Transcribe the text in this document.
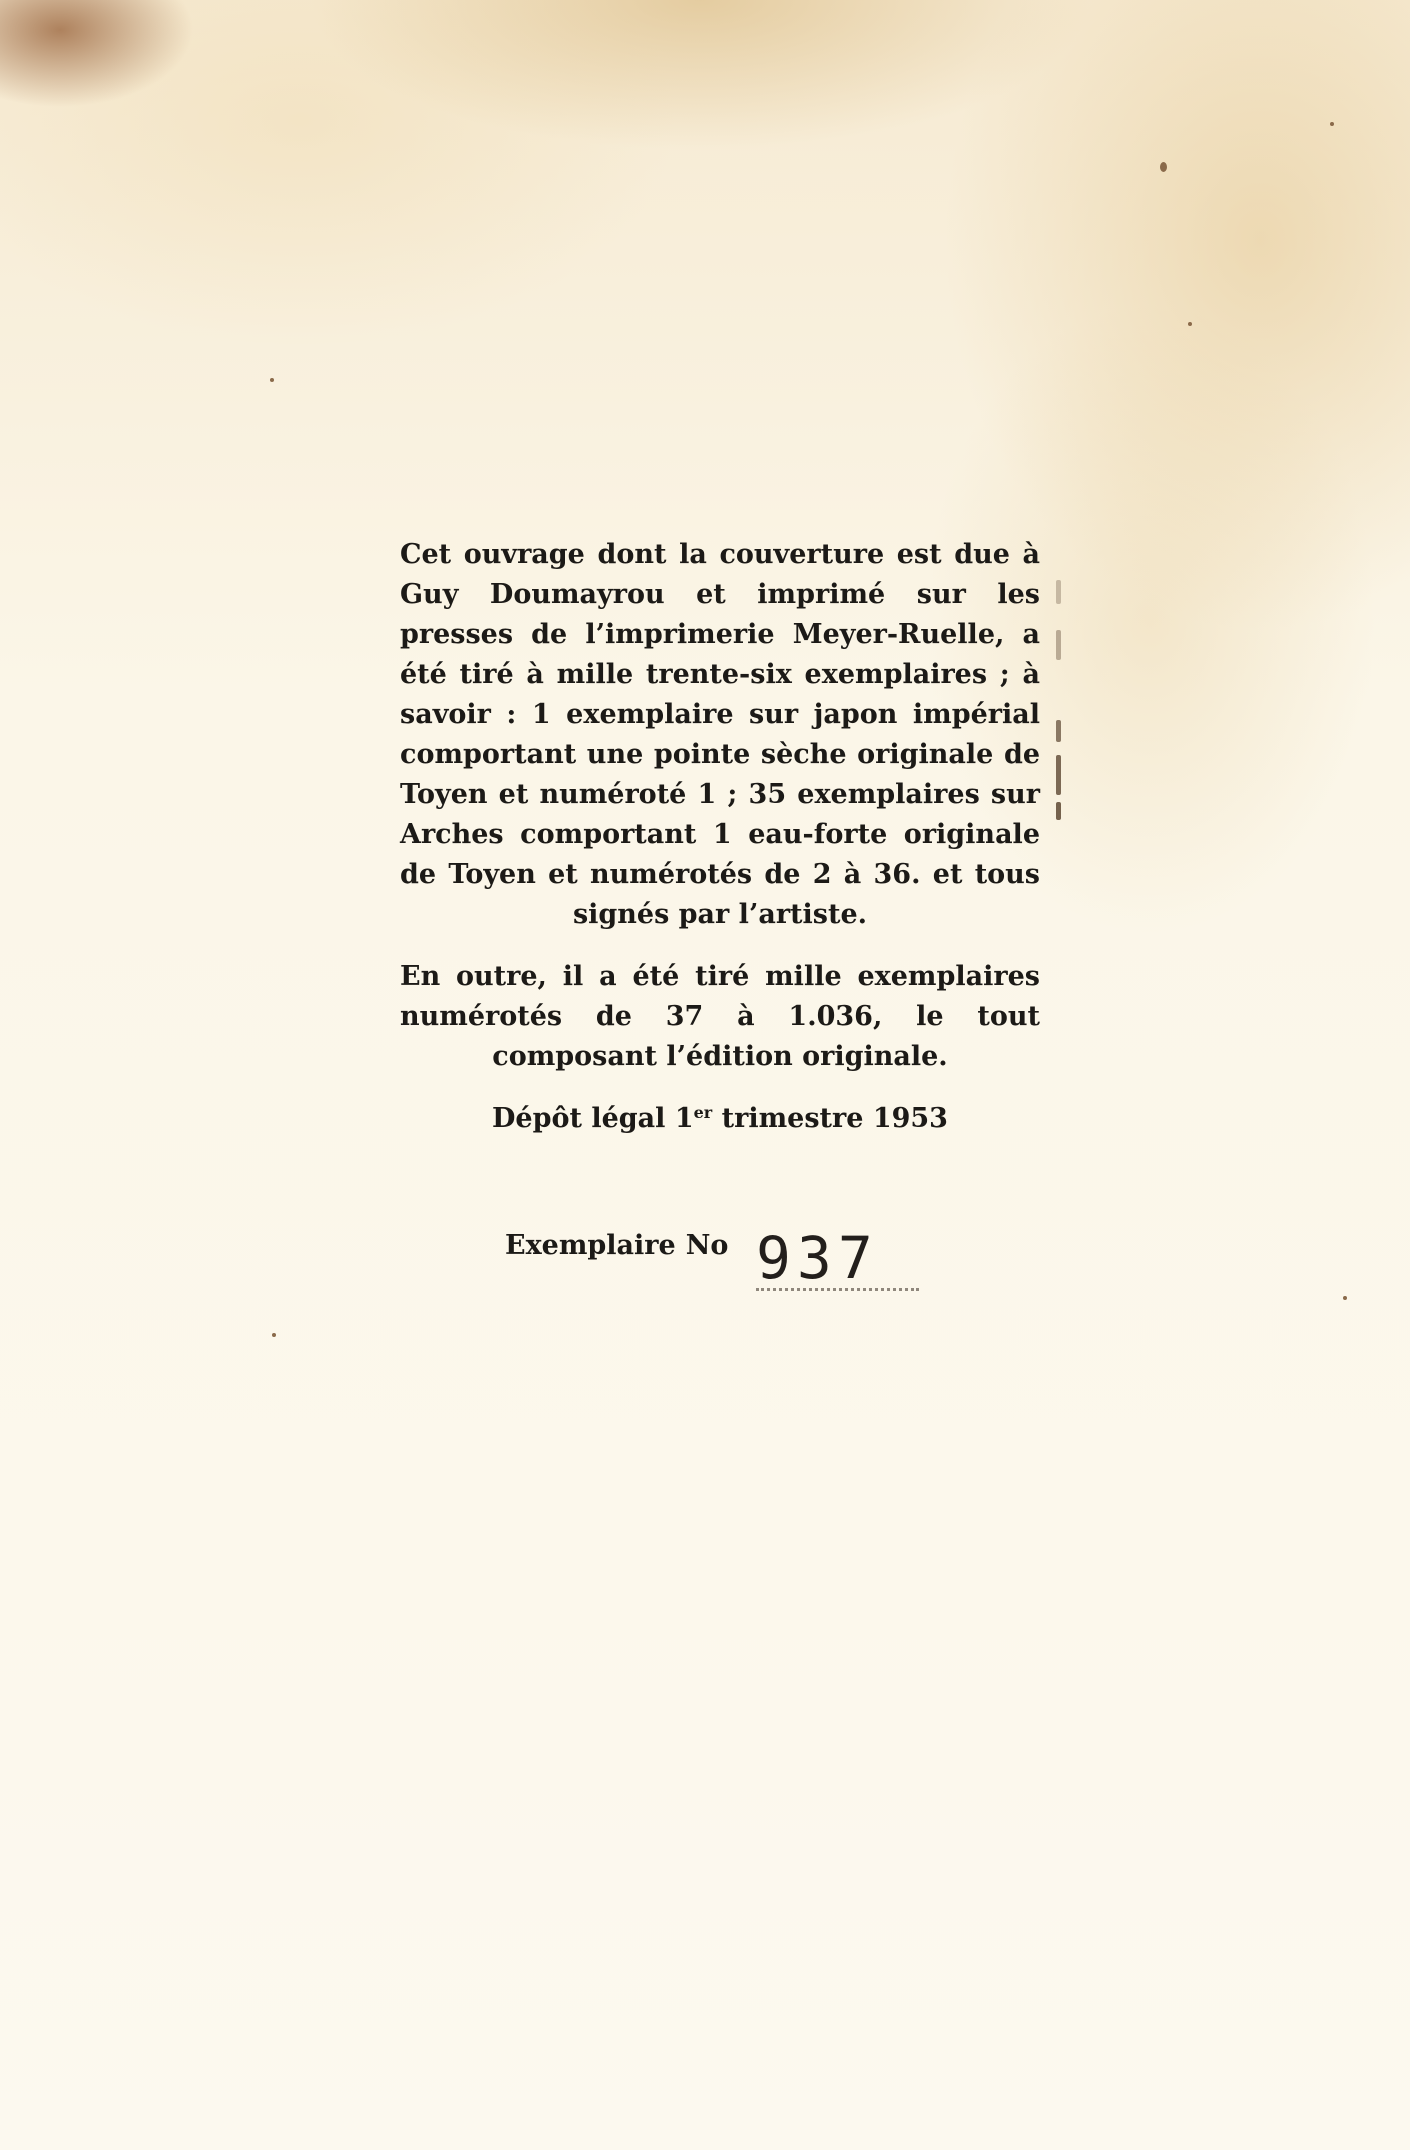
Cet ouvrage dont la couverture est due à Guy Doumayrou et imprimé sur les presses de l’imprimerie Meyer-Ruelle, a été tiré à mille trente-six exemplaires ; à savoir : 1 exemplaire sur japon impérial comportant une pointe sèche originale de Toyen et numéroté 1 ; 35 exemplaires sur Arches comportant 1 eau-forte originale de Toyen et numérotés de 2 à 36. et tous signés par l’artiste.

En outre, il a été tiré mille exemplaires numérotés de 37 à 1.036, le tout composant l’édition originale.

Dépôt légal 1er trimestre 1953

Exemplaire No 937
